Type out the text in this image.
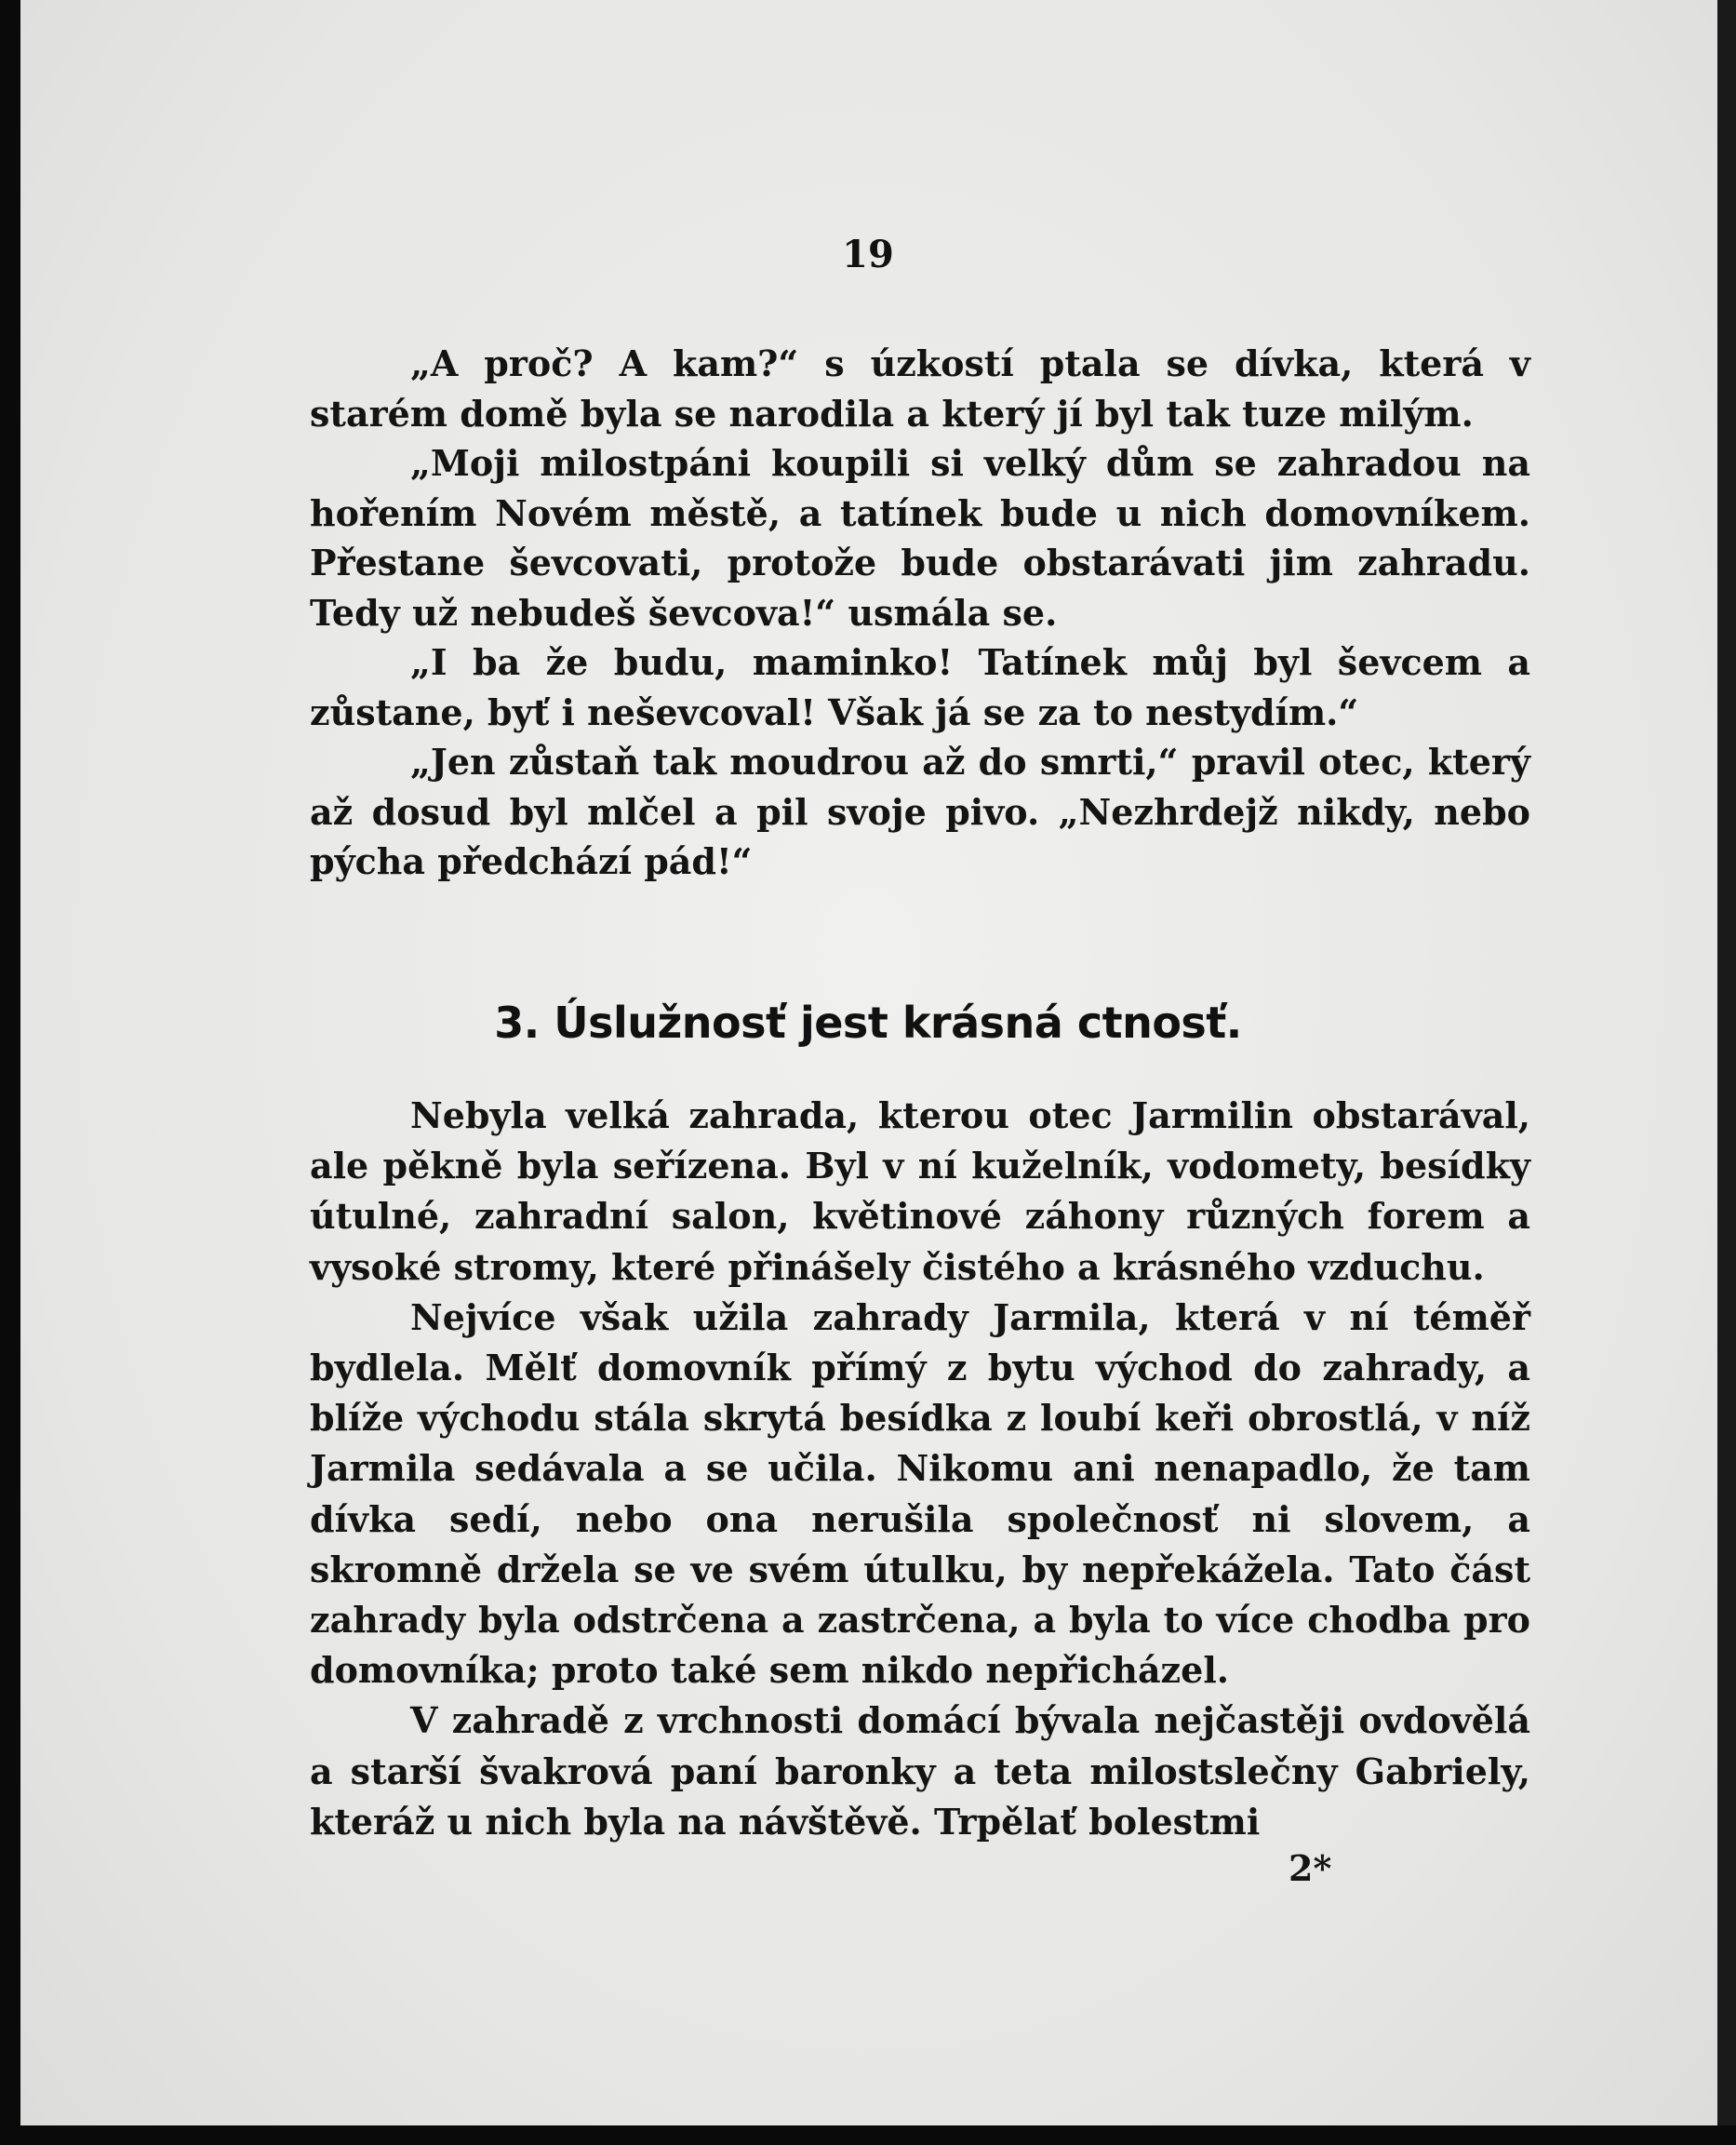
19

„A proč? A kam?“ s úzkostí ptala se dívka, která v starém domě byla se narodila a který jí byl tak tuze milým.

„Moji milostpáni koupili si velký dům se zahradou na hořením Novém městě, a tatínek bude u nich domovníkem. Přestane ševcovati, protože bude obstarávati jim zahradu. Tedy už nebudeš ševcova!“ usmála se.

„I ba že budu, maminko! Tatínek můj byl ševcem a zůstane, byť i neševcoval! Však já se za to nestydím.“

„Jen zůstaň tak moudrou až do smrti,“ pravil otec, který až dosud byl mlčel a pil svoje pivo. „Nezhrdejž nikdy, nebo pýcha předchází pád!“

3. Úslužnosť jest krásná ctnosť.

Nebyla velká zahrada, kterou otec Jarmilin obstarával, ale pěkně byla seřízena. Byl v ní kuželník, vodomety, besídky útulné, zahradní salon, květinové záhony různých forem a vysoké stromy, které přinášely čistého a krásného vzduchu.

Nejvíce však užila zahrady Jarmila, která v ní téměř bydlela. Mělť domovník přímý z bytu východ do zahrady, a blíže východu stála skrytá besídka z loubí keři obrostlá, v níž Jarmila sedávala a se učila. Nikomu ani nenapadlo, že tam dívka sedí, nebo ona nerušila společnosť ni slovem, a skromně držela se ve svém útulku, by nepřekážela. Tato část zahrady byla odstrčena a zastrčena, a byla to více chodba pro domovníka; proto také sem nikdo nepřicházel.

V zahradě z vrchnosti domácí bývala nejčastěji ovdovělá a starší švakrová paní baronky a teta milostslečny Gabriely, kteráž u nich byla na návštěvě. Trpělať bolestmi

2*
